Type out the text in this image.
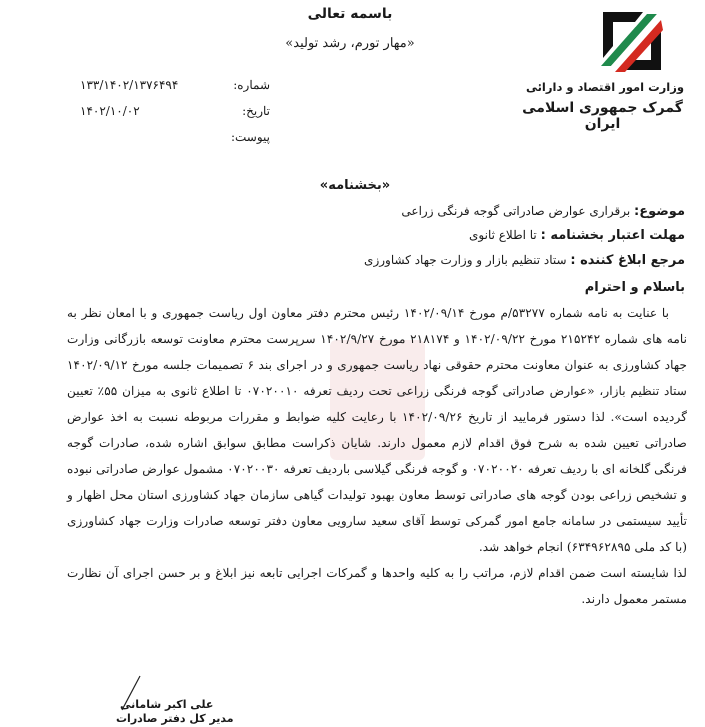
باسمه تعالی
«مهار تورم، رشد تولید»
وزارت امور اقتصاد و دارائی
گمرک جمهوری اسلامی ایران
شماره:
۱۳۳/۱۴۰۲/۱۳۷۶۴۹۴
تاریخ:
۱۴۰۲/۱۰/۰۲
پیوست:
«بخشنامه»
موضوع: برقراری عوارض صادراتی گوجه فرنگی زراعی
مهلت اعتبار بخشنامه : تا اطلاع ثانوی
مرجع ابلاغ کننده : ستاد تنظیم بازار و وزارت جهاد کشاورزی
باسلام و احترام

با عنایت به نامه شماره ۵۳۲۷۷/م مورخ ۱۴۰۲/۰۹/۱۴ رئیس محترم دفتر معاون اول ریاست جمهوری و با امعان نظر به نامه های شماره ۲۱۵۲۴۲ مورخ ۱۴۰۲/۰۹/۲۲ و ۲۱۸۱۷۴ مورخ ۱۴۰۲/۹/۲۷ سرپرست محترم معاونت توسعه بازرگانی وزارت جهاد کشاورزی به عنوان معاونت محترم حقوقی نهاد ریاست جمهوری و در اجرای بند ۶ تصمیمات جلسه مورخ ۱۴۰۲/۰۹/۱۲ ستاد تنظیم بازار، «عوارض صادراتی گوجه فرنگی زراعی تحت ردیف تعرفه ۰۷۰۲۰۰۱۰ تا اطلاع ثانوی به میزان ۵۵٪ تعیین گردیده است». لذا دستور فرمایید از تاریخ ۱۴۰۲/۰۹/۲۶ با رعایت کلیه ضوابط و مقررات مربوطه نسبت به اخذ عوارض صادراتی تعیین شده به شرح فوق اقدام لازم معمول دارند. شایان ذکراست مطابق سوابق اشاره شده، صادرات گوجه فرنگی گلخانه ای با ردیف تعرفه ۰۷۰۲۰۰۲۰ و گوجه فرنگی گیلاسی باردیف تعرفه ۰۷۰۲۰۰۳۰ مشمول عوارض صادراتی نبوده و تشخیص زراعی بودن گوجه های صادراتی توسط معاون بهبود تولیدات گیاهی سازمان جهاد کشاورزی استان محل اظهار و تأیید سیستمی در سامانه جامع امور گمرکی توسط آقای سعید سارویی معاون دفتر توسعه صادرات وزارت جهاد کشاورزی (با کد ملی ۶۳۴۹۶۲۸۹۵) انجام خواهد شد.

لذا شایسته است ضمن اقدام لازم، مراتب را به کلیه واحدها و گمرکات اجرایی تابعه نیز ابلاغ و بر حسن اجرای آن نظارت مستمر معمول دارند.

علی اکبر شامانی
مدیر کل دفتر صادرات
